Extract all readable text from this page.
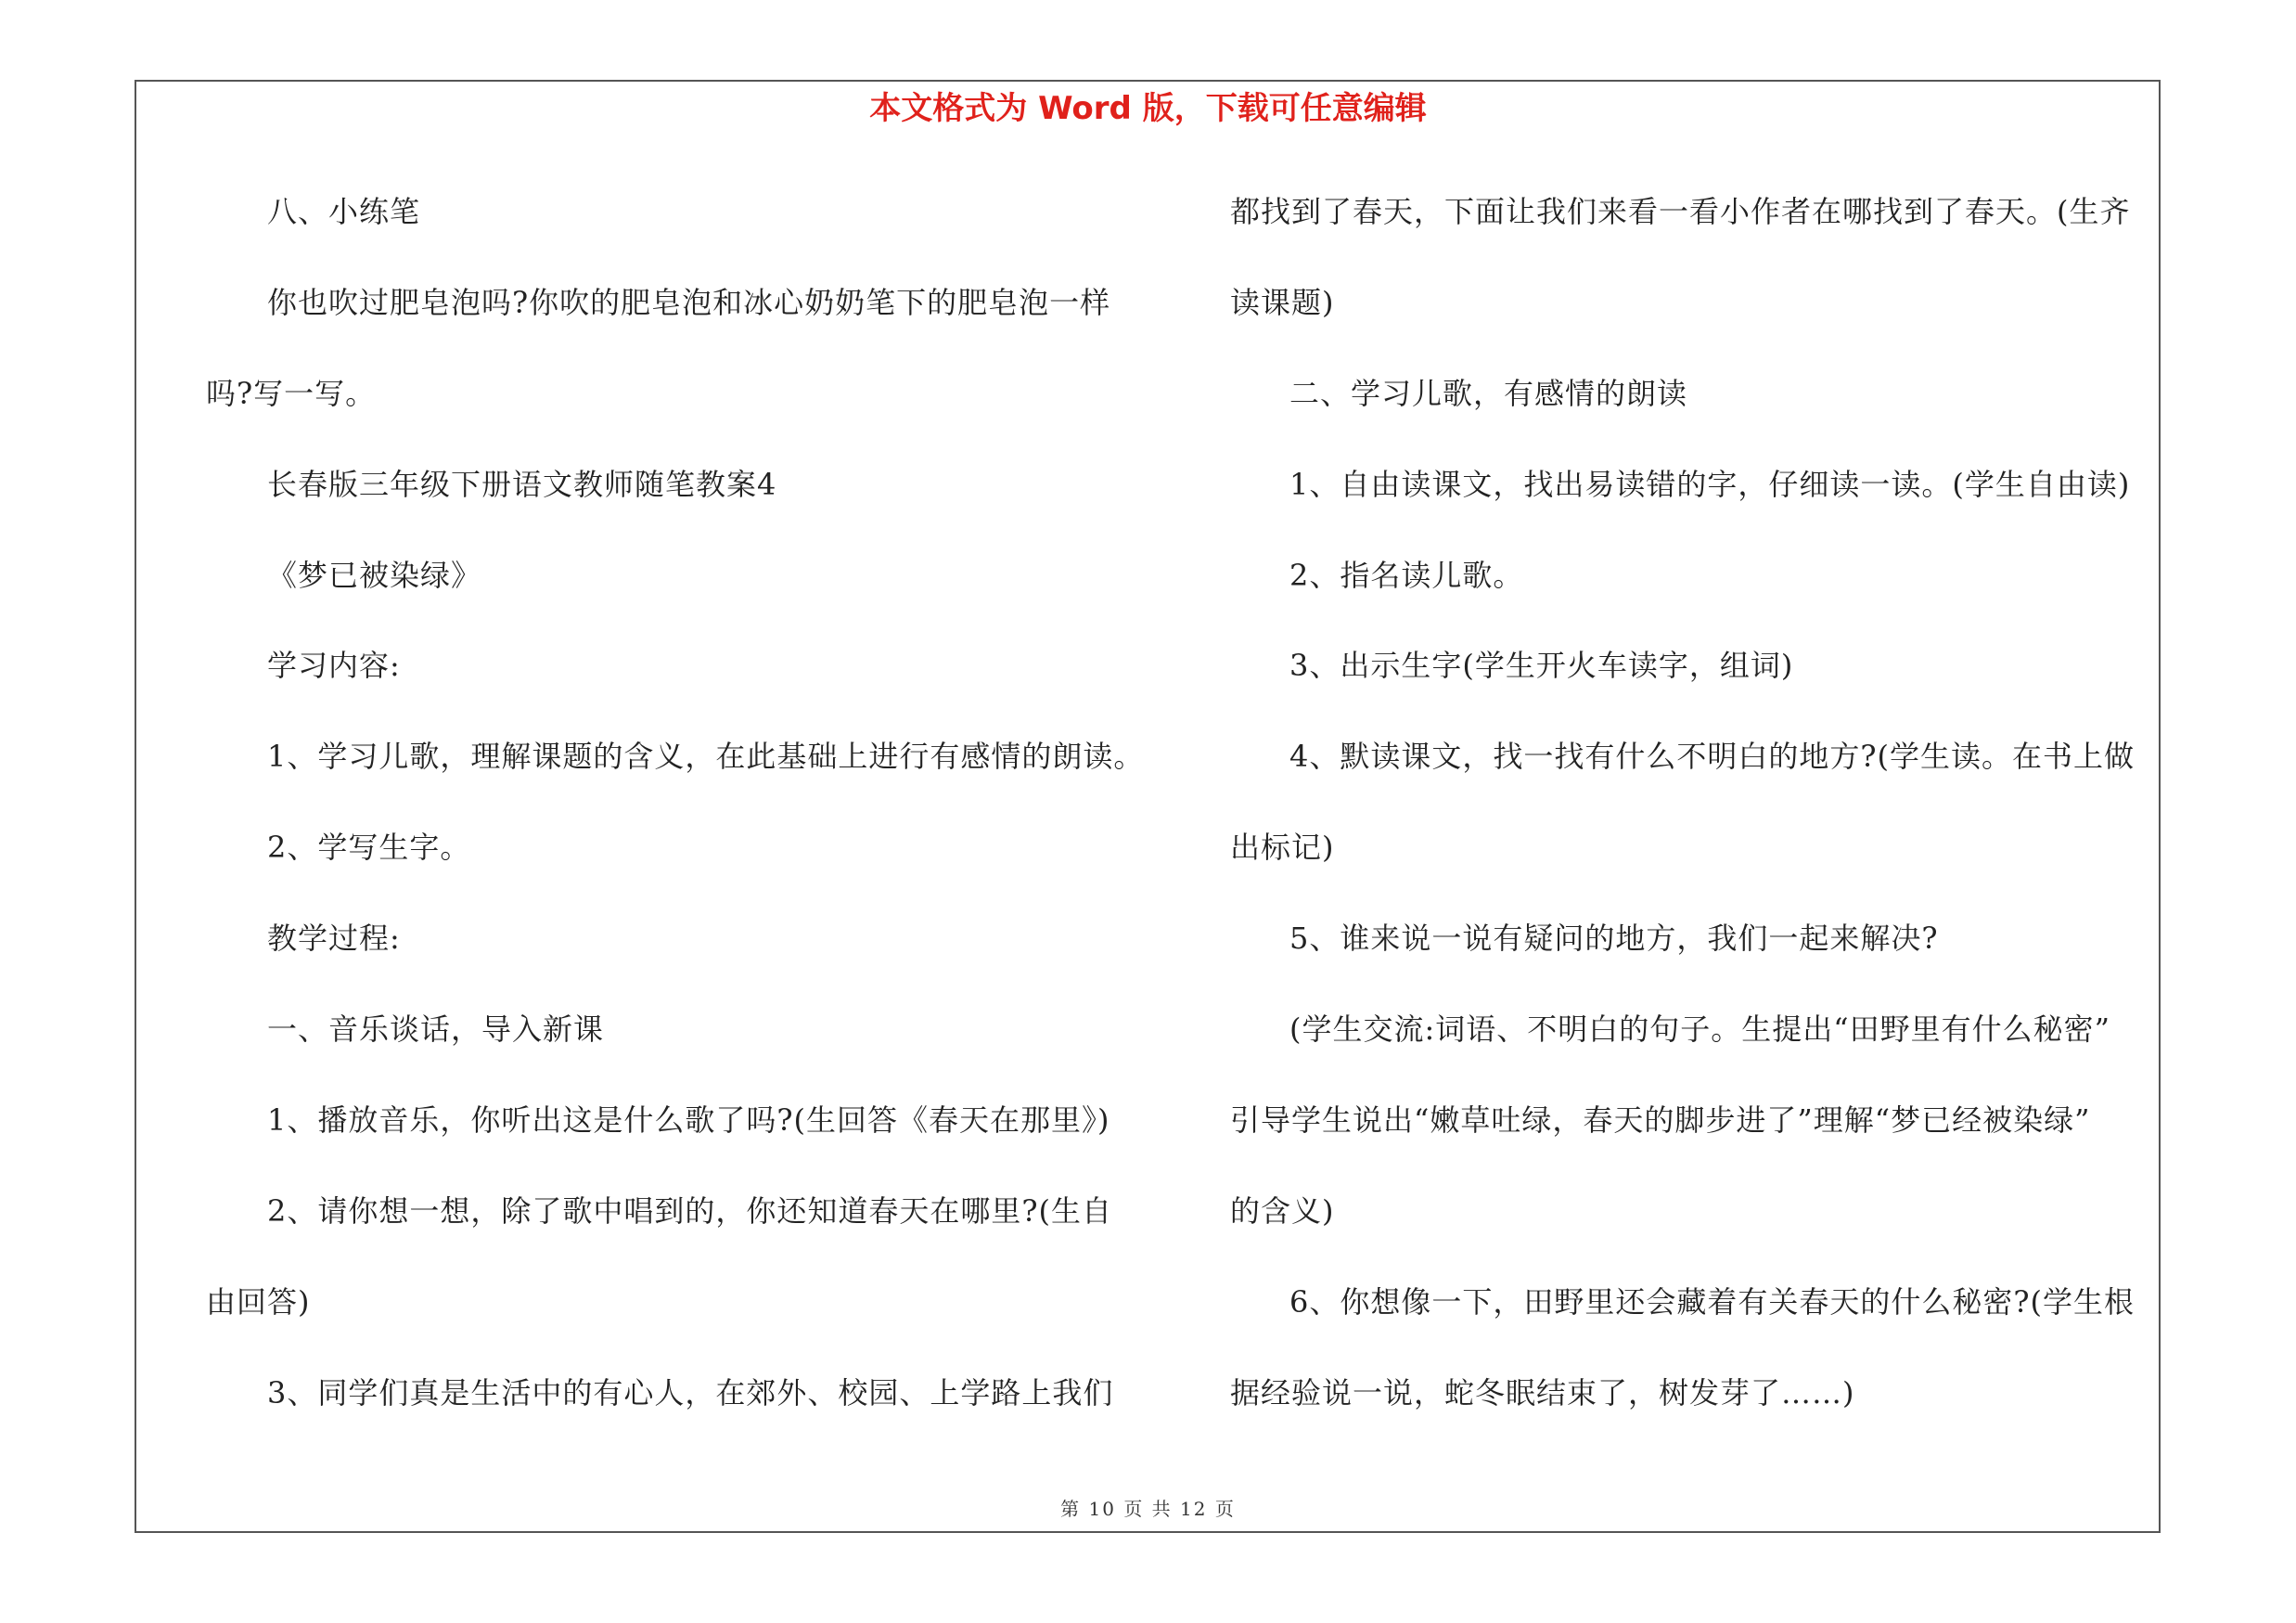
本文格式为 Word 版，下载可任意编辑

八、小练笔

你也吹过肥皂泡吗?你吹的肥皂泡和冰心奶奶笔下的肥皂泡一样

吗?写一写。

长春版三年级下册语文教师随笔教案4

《梦已被染绿》

学习内容:

1、学习儿歌，理解课题的含义，在此基础上进行有感情的朗读。

2、学写生字。

教学过程:

一、音乐谈话，导入新课

1、播放音乐，你听出这是什么歌了吗?(生回答《春天在那里》)

2、请你想一想，除了歌中唱到的，你还知道春天在哪里?(生自

由回答)

3、同学们真是生活中的有心人，在郊外、校园、上学路上我们

都找到了春天，下面让我们来看一看小作者在哪找到了春天。(生齐

读课题)

二、学习儿歌，有感情的朗读

1、自由读课文，找出易读错的字，仔细读一读。(学生自由读)

2、指名读儿歌。

3、出示生字(学生开火车读字，组词)

4、默读课文，找一找有什么不明白的地方?(学生读。在书上做

出标记)

5、谁来说一说有疑问的地方，我们一起来解决?

(学生交流:词语、不明白的句子。生提出“田野里有什么秘密”

引导学生说出“嫩草吐绿，春天的脚步进了”理解“梦已经被染绿”

的含义)

6、你想像一下，田野里还会藏着有关春天的什么秘密?(学生根

据经验说一说，蛇冬眠结束了，树发芽了……)

第 10 页 共 12 页
